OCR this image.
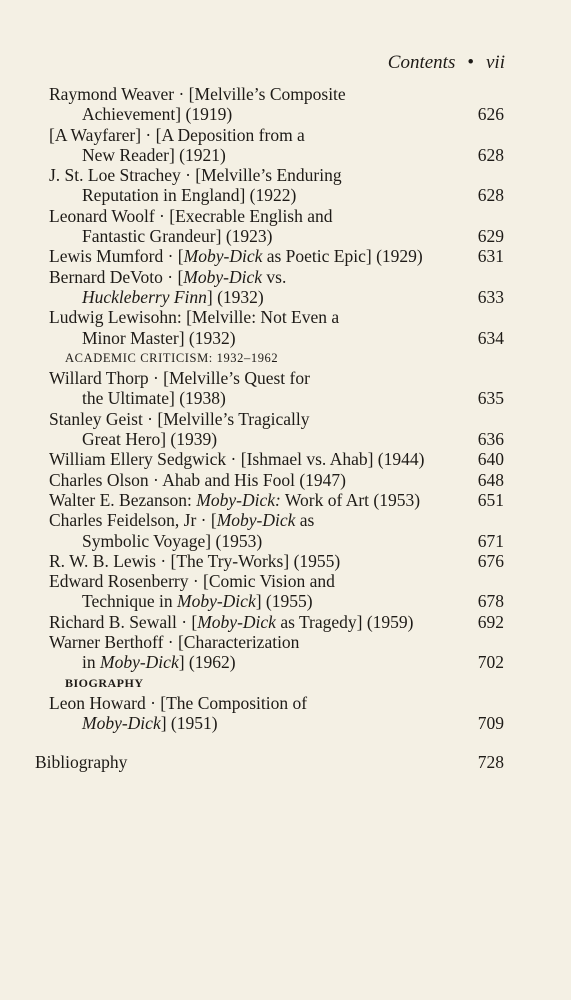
Contents • vii
Raymond Weaver · [Melville’s Composite
Achievement] (1919)	626
[A Wayfarer] · [A Deposition from a
New Reader] (1921)	628
J. St. Loe Strachey · [Melville’s Enduring
Reputation in England] (1922)	628
Leonard Woolf · [Execrable English and
Fantastic Grandeur] (1923)	629
Lewis Mumford · [Moby-Dick as Poetic Epic] (1929)	631
Bernard DeVoto · [Moby-Dick vs.
Huckleberry Finn] (1932)	633
Ludwig Lewisohn: [Melville: Not Even a
Minor Master] (1932)	634
ACADEMIC CRITICISM: 1932–1962
Willard Thorp · [Melville’s Quest for
the Ultimate] (1938)	635
Stanley Geist · [Melville’s Tragically
Great Hero] (1939)	636
William Ellery Sedgwick · [Ishmael vs. Ahab] (1944)	640
Charles Olson · Ahab and His Fool (1947)	648
Walter E. Bezanson: Moby-Dick: Work of Art (1953)	651
Charles Feidelson, Jr · [Moby-Dick as
Symbolic Voyage] (1953)	671
R. W. B. Lewis · [The Try-Works] (1955)	676
Edward Rosenberry · [Comic Vision and
Technique in Moby-Dick] (1955)	678
Richard B. Sewall · [Moby-Dick as Tragedy] (1959)	692
Warner Berthoff · [Characterization
in Moby-Dick] (1962)	702
BIOGRAPHY
Leon Howard · [The Composition of
Moby-Dick] (1951)	709
Bibliography	728
